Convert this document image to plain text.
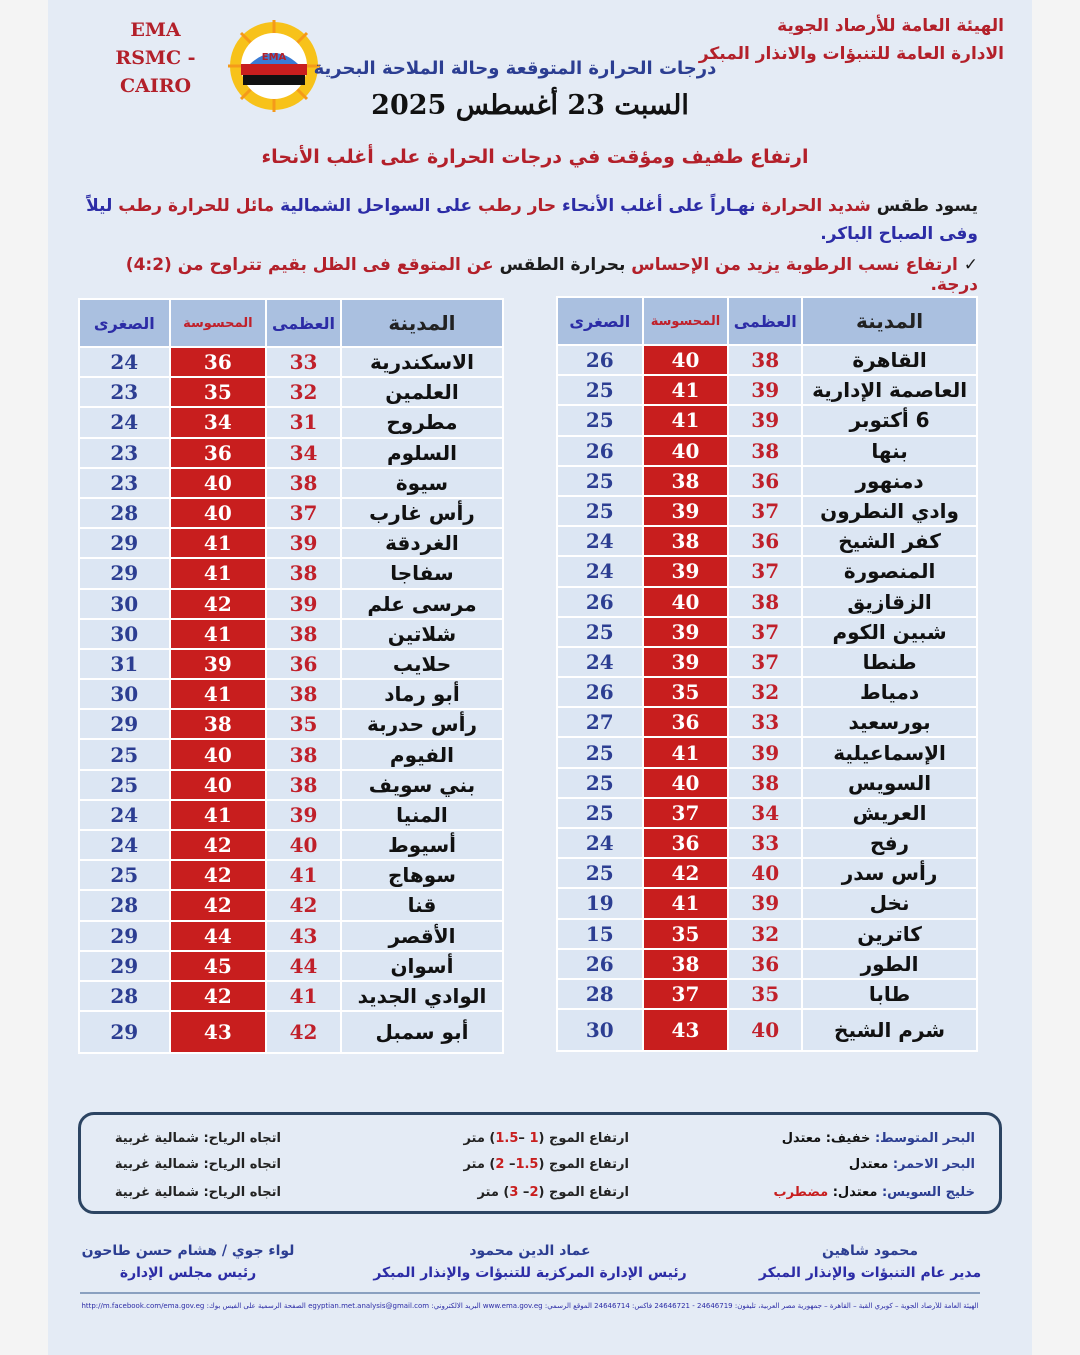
EMA
RSMC - CAIRO
EMA
الهيئة العامة للأرصاد الجوية
الادارة العامة للتنبؤات والانذار المبكر
درجات الحرارة المتوقعة وحالة الملاحة البحرية
السبت 23 أغسطس 2025
ارتفاع طفيف ومؤقت في درجات الحرارة على أغلب الأنحاء
يسود طقس شديد الحرارة نهـاراً على أغلب الأنحاء حار رطب على السواحل الشمالية مائل للحرارة رطب ليلاً وفى الصباح الباكر.
✓ ارتفاع نسب الرطوبة يزيد من الإحساس بحرارة الطقس عن المتوقع فى الظل بقيم تتراوح من (4:2) درجة.
المدينة	العظمى	المحسوسة	الصغرى
القاهرة	38	40	26
العاصمة الإدارية	39	41	25
6 أكتوبر	39	41	25
بنها	38	40	26
دمنهور	36	38	25
وادي النطرون	37	39	25
كفر الشيخ	36	38	24
المنصورة	37	39	24
الزقازيق	38	40	26
شبين الكوم	37	39	25
طنطا	37	39	24
دمياط	32	35	26
بورسعيد	33	36	27
الإسماعيلية	39	41	25
السويس	38	40	25
العريش	34	37	25
رفح	33	36	24
رأس سدر	40	42	25
نخل	39	41	19
كاترين	32	35	15
الطور	36	38	26
طابا	35	37	28
شرم الشيخ	40	43	30
المدينة	العظمى	المحسوسة	الصغرى
الاسكندرية	33	36	24
العلمين	32	35	23
مطروح	31	34	24
السلوم	34	36	23
سيوة	38	40	23
رأس غارب	37	40	28
الغردقة	39	41	29
سفاجا	38	41	29
مرسى علم	39	42	30
شلاتين	38	41	30
حلايب	36	39	31
أبو رماد	38	41	30
رأس حدربة	35	38	29
الفيوم	38	40	25
بني سويف	38	40	25
المنيا	39	41	24
أسيوط	40	42	24
سوهاج	41	42	25
قنا	42	42	28
الأقصر	43	44	29
أسوان	44	45	29
الوادي الجديد	41	42	28
أبو سمبل	42	43	29
البحر المتوسط: خفيف: معتدل
ارتفاع الموج (1 –1.5) متر
اتجاه الرياح: شمالية غربية
البحر الاحمر: معتدل
ارتفاع الموج (1.5– 2) متر
اتجاه الرياح: شمالية غربية
خليج السويس: معتدل: مضطرب
ارتفاع الموج (2– 3) متر
اتجاه الرياح: شمالية غربية
محمود شاهين
مدير عام التنبؤات والإنذار المبكر
عماد الدين محمود
رئيس الإدارة المركزية للتنبؤات والإنذار المبكر
لواء جوي / هشام حسن طاحون
رئيس مجلس الإدارة
الهيئة العامة للأرصاد الجوية – كوبري القبة – القاهرة – جمهورية مصر العربية، تليفون: 24646719 - 24646721 فاكس: 24646714 الموقع الرسمي: www.ema.gov.eg البريد الالكتروني: egyptian.met.analysis@gmail.com الصفحة الرسمية على الفيس بوك: http://m.facebook.com/ema.gov.eg
